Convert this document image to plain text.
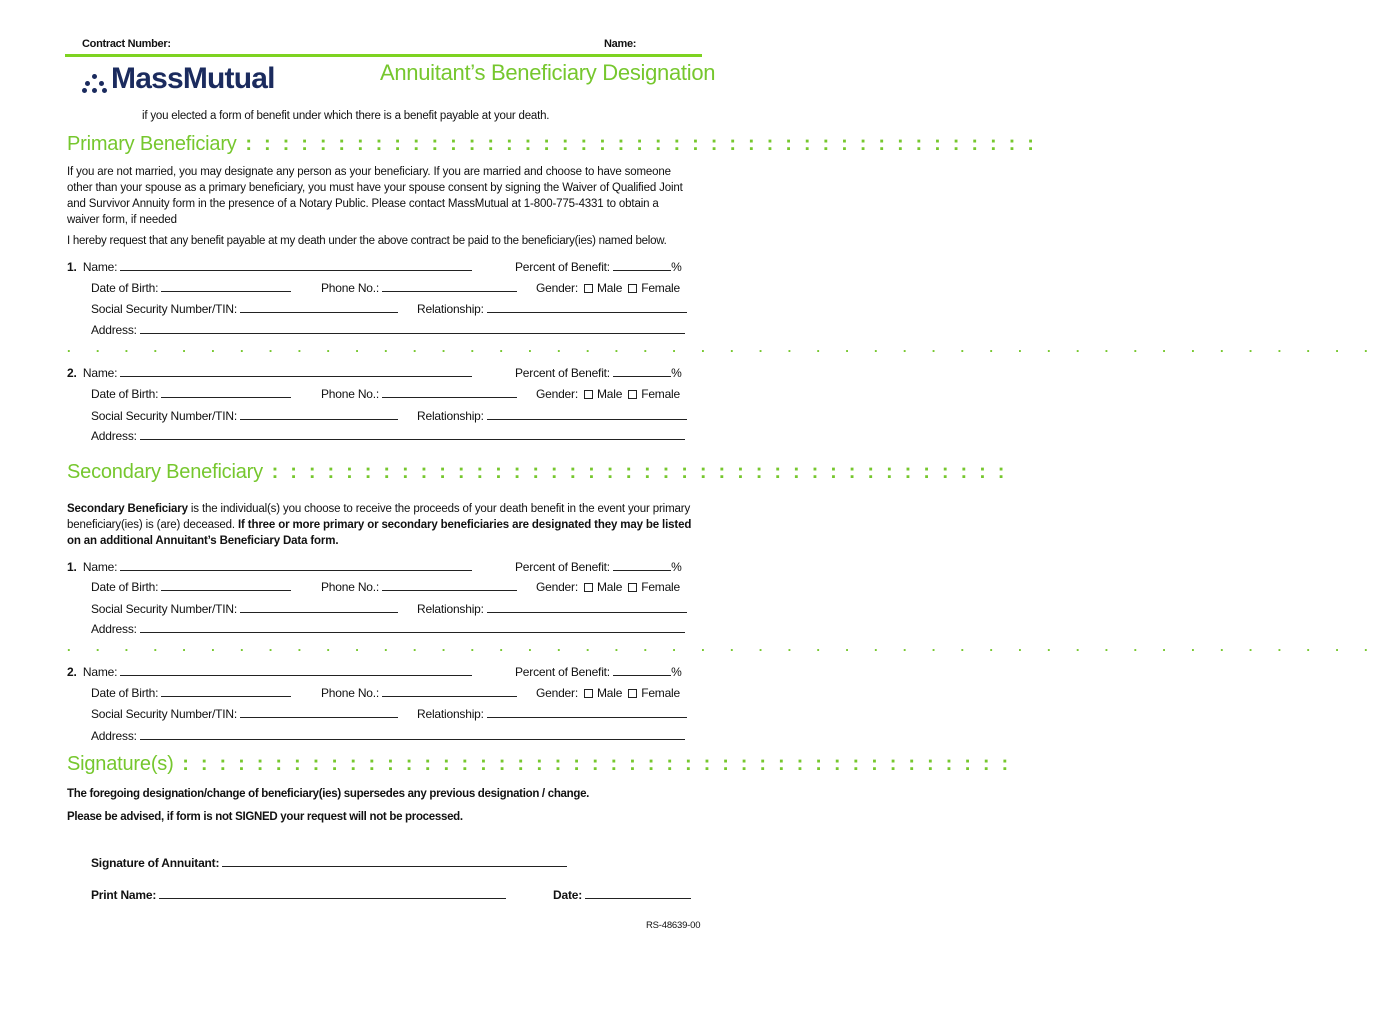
Contract Number:	Name:
MassMutual	Annuitant’s Beneficiary Designation
if you elected a form of benefit under which there is a benefit payable at your death.
Primary Beneficiary : : : : : : : : : : : : : : : : : : : : : : : : : : : : : : : : : : : : : : : : : : :
If you are not married, you may designate any person as your beneficiary. If you are married and choose to have someone other than your spouse as a primary beneficiary, you must have your spouse consent by signing the Waiver of Qualified Joint and Survivor Annuity form in the presence of a Notary Public. Please contact MassMutual at 1-800-775-4331 to obtain a waiver form, if needed
I hereby request that any benefit payable at my death under the above contract be paid to the beneficiary(ies) named below.
1. Name:	Percent of Benefit:	%
Date of Birth:	Phone No.:	Gender: Male Female
Social Security Number/TIN:	Relationship:
Address:
. . . . . . . . . . . . . . . . . . . . . . . . . . . . . . . . . . . . . . . . . . . . . .
2. Name:	Percent of Benefit:	%
Date of Birth:	Phone No.:	Gender: Male Female
Social Security Number/TIN:	Relationship:
Address:
Secondary Beneficiary : : : : : : : : : : : : : : : : : : : : : : : : : : : : : : : : : : : : : : : :
Secondary Beneficiary is the individual(s) you choose to receive the proceeds of your death benefit in the event your primary beneficiary(ies) is (are) deceased. If three or more primary or secondary beneficiaries are designated they may be listed on an additional Annuitant’s Beneficiary Data form.
1. Name:	Percent of Benefit:	%
Date of Birth:	Phone No.:	Gender: Male Female
Social Security Number/TIN:	Relationship:
Address:
. . . . . . . . . . . . . . . . . . . . . . . . . . . . . . . . . . . . . . . . . . . . . .
2. Name:	Percent of Benefit:	%
Date of Birth:	Phone No.:	Gender: Male Female
Social Security Number/TIN:	Relationship:
Address:
Signature(s) : : : : : : : : : : : : : : : : : : : : : : : : : : : : : : : : : : : : : : : : : : : : :
The foregoing designation/change of beneficiary(ies) supersedes any previous designation / change.
Please be advised, if form is not SIGNED your request will not be processed.
Signature of Annuitant:
Print Name:	Date:
RS-48639-00
